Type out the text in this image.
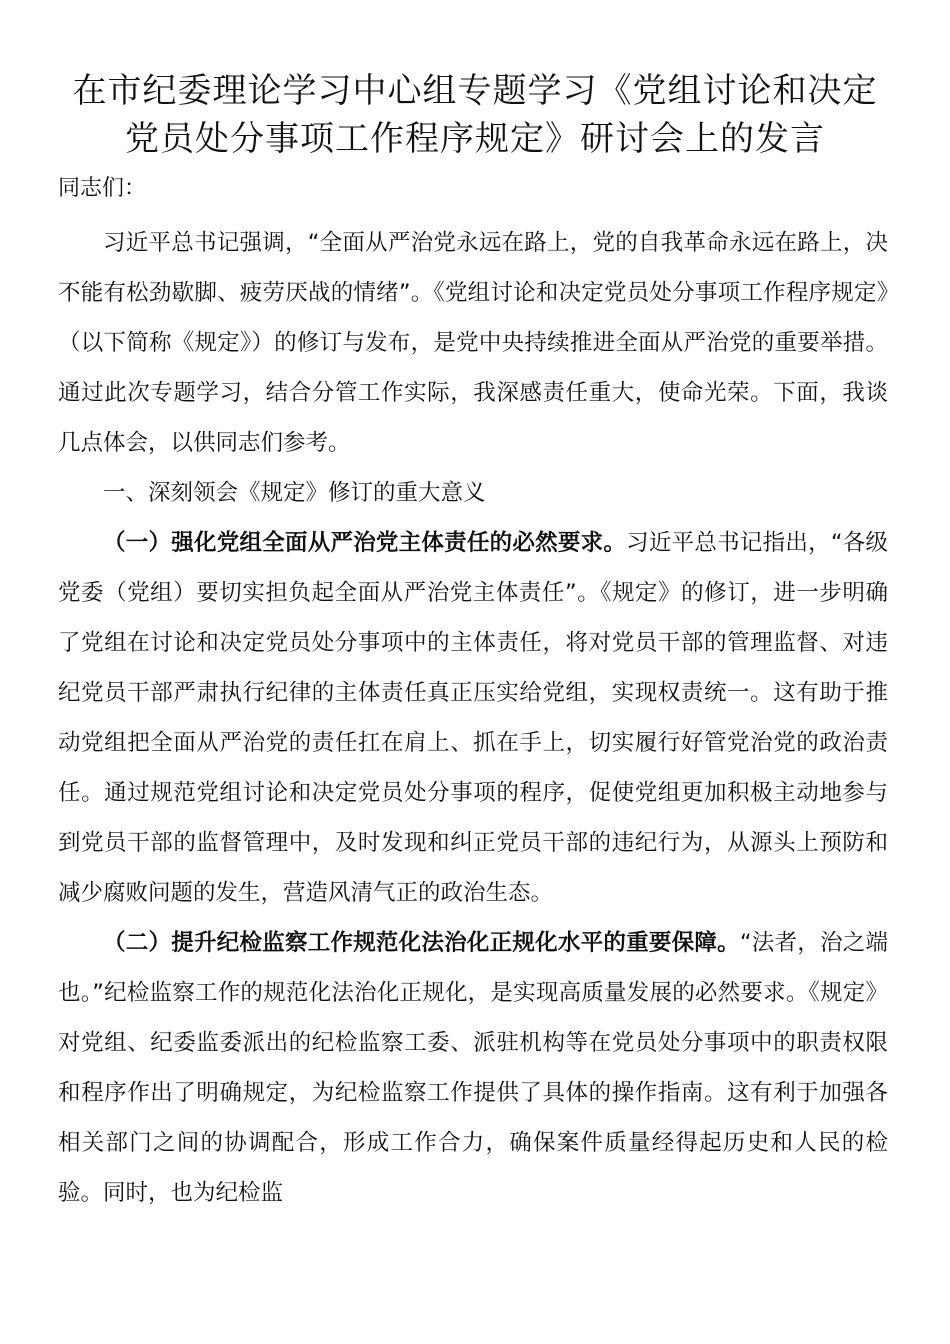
在市纪委理论学习中心组专题学习《党组讨论和决定
党员处分事项工作程序规定》研讨会上的发言

同志们：

习近平总书记强调，“全面从严治党永远在路上，党的自我革命永远在路上，决不能有松劲歇脚、疲劳厌战的情绪”。《党组讨论和决定党员处分事项工作程序规定》（以下简称《规定》）的修订与发布，是党中央持续推进全面从严治党的重要举措。通过此次专题学习，结合分管工作实际，我深感责任重大，使命光荣。下面，我谈几点体会，以供同志们参考。

一、深刻领会《规定》修订的重大意义

（一）强化党组全面从严治党主体责任的必然要求。习近平总书记指出，“各级党委（党组）要切实担负起全面从严治党主体责任”。《规定》的修订，进一步明确了党组在讨论和决定党员处分事项中的主体责任，将对党员干部的管理监督、对违纪党员干部严肃执行纪律的主体责任真正压实给党组，实现权责统一。这有助于推动党组把全面从严治党的责任扛在肩上、抓在手上，切实履行好管党治党的政治责任。通过规范党组讨论和决定党员处分事项的程序，促使党组更加积极主动地参与到党员干部的监督管理中，及时发现和纠正党员干部的违纪行为，从源头上预防和减少腐败问题的发生，营造风清气正的政治生态。

（二）提升纪检监察工作规范化法治化正规化水平的重要保障。“法者，治之端也。”纪检监察工作的规范化法治化正规化，是实现高质量发展的必然要求。《规定》对党组、纪委监委派出的纪检监察工委、派驻机构等在党员处分事项中的职责权限和程序作出了明确规定，为纪检监察工作提供了具体的操作指南。这有利于加强各相关部门之间的协调配合，形成工作合力，确保案件质量经得起历史和人民的检验。同时，也为纪检监
